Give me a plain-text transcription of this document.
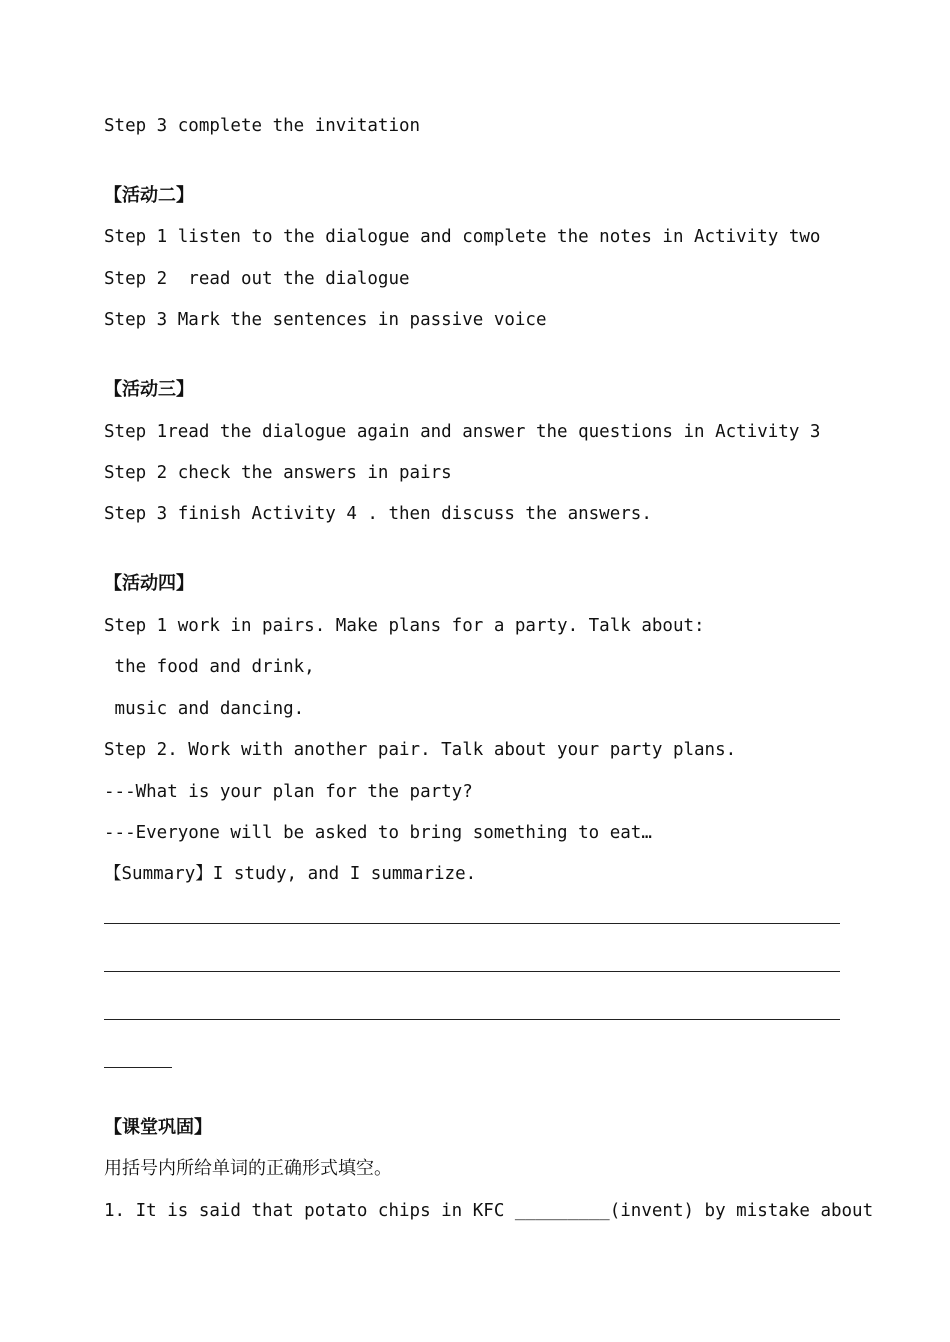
Step 3 complete the invitation
【活动二】
Step 1 listen to the dialogue and complete the notes in Activity two
Step 2  read out the dialogue
Step 3 Mark the sentences in passive voice
【活动三】
Step 1read the dialogue again and answer the questions in Activity 3
Step 2 check the answers in pairs
Step 3 finish Activity 4 . then discuss the answers.
【活动四】
Step 1 work in pairs. Make plans for a party. Talk about:
the food and drink,
music and dancing.
Step 2. Work with another pair. Talk about your party plans.
---What is your plan for the party?
---Everyone will be asked to bring something to eat…
【Summary】I study, and I summarize.
【课堂巩固】
用括号内所给单词的正确形式填空。
1. It is said that potato chips in KFC _________(invent) by mistake about
